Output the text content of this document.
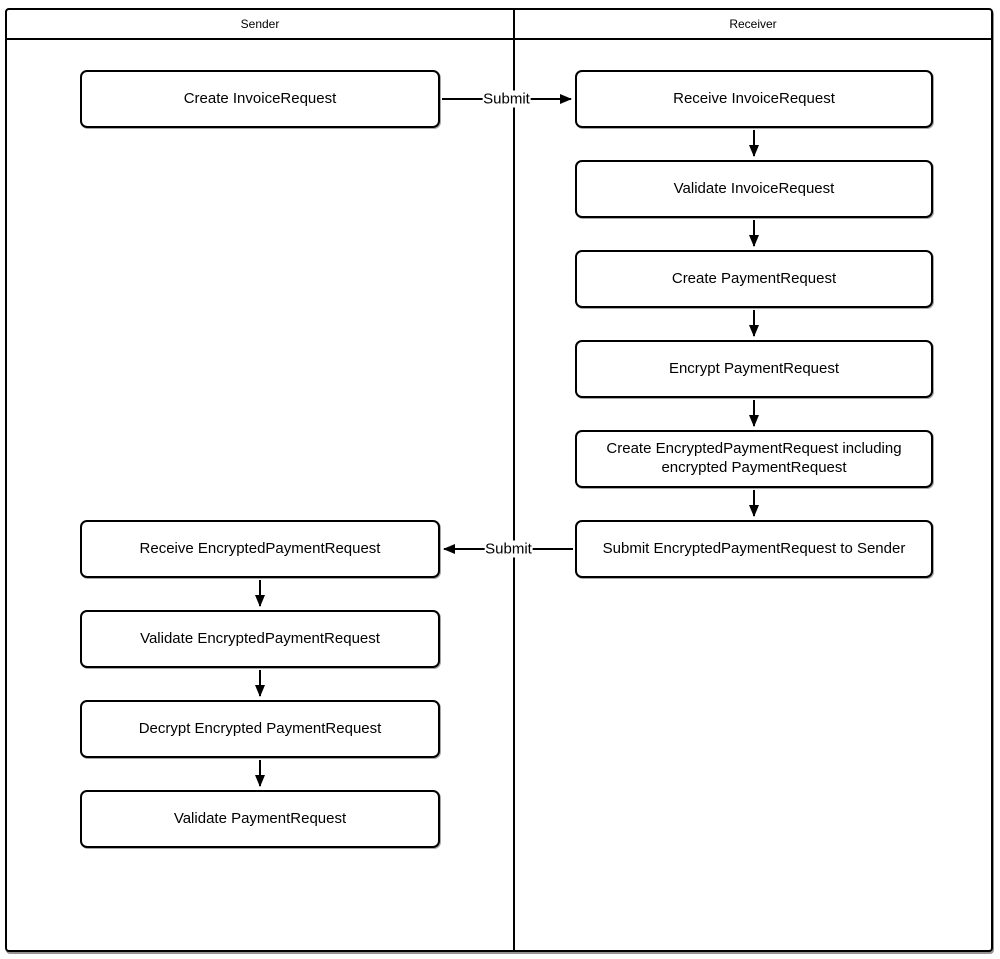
Sender	Receiver
Create InvoiceRequest	Receive InvoiceRequest
Validate InvoiceRequest
Create PaymentRequest
Encrypt PaymentRequest
Create EncryptedPaymentRequest including encrypted PaymentRequest
Submit EncryptedPaymentRequest to Sender
Receive EncryptedPaymentRequest
Validate EncryptedPaymentRequest
Decrypt Encrypted PaymentRequest
Validate PaymentRequest
Submit
Submit
